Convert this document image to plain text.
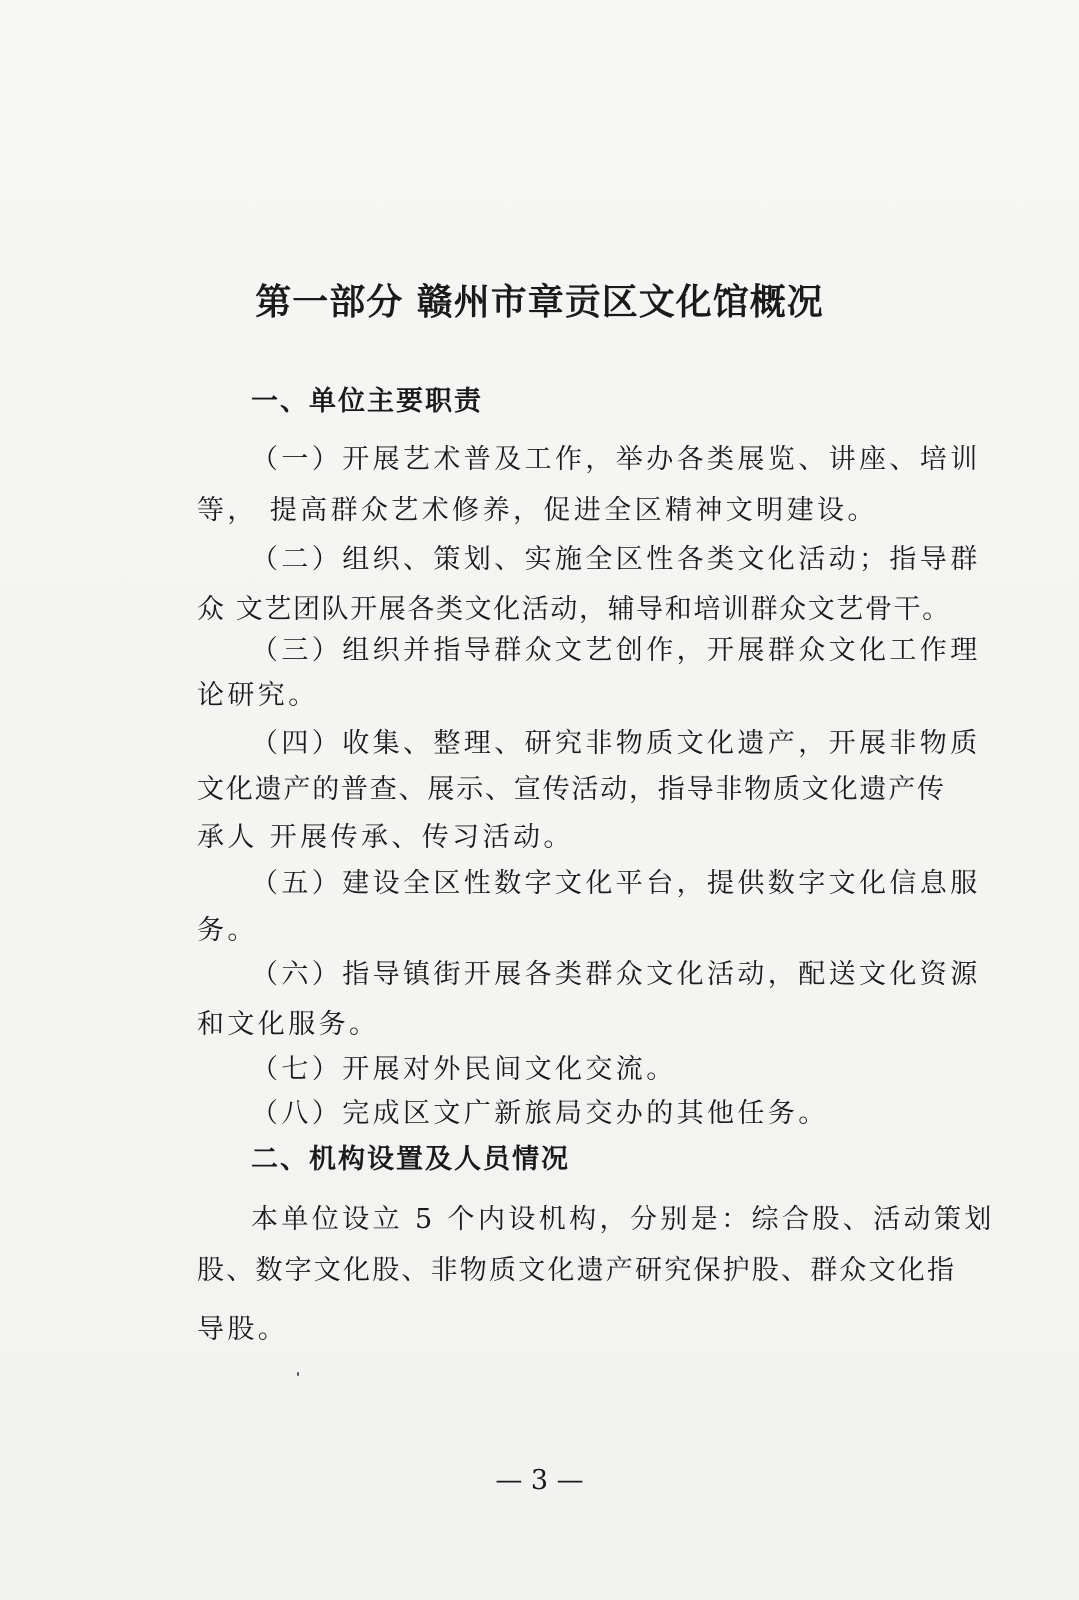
第一部分 赣州市章贡区文化馆概况
一、单位主要职责
（一）开展艺术普及工作，举办各类展览、讲座、培训
等， 提高群众艺术修养，促进全区精神文明建设。
（二）组织、策划、实施全区性各类文化活动；指导群
众 文艺团队开展各类文化活动，辅导和培训群众文艺骨干。
（三）组织并指导群众文艺创作，开展群众文化工作理
论研究。
（四）收集、整理、研究非物质文化遗产，开展非物质
文化遗产的普查、展示、宣传活动，指导非物质文化遗产传
承人 开展传承、传习活动。
（五）建设全区性数字文化平台，提供数字文化信息服
务。
（六）指导镇街开展各类群众文化活动，配送文化资源
和文化服务。
（七）开展对外民间文化交流。
（八）完成区文广新旅局交办的其他任务。
二、机构设置及人员情况
本单位设立 5 个内设机构，分别是：综合股、活动策划
股、数字文化股、非物质文化遗产研究保护股、群众文化指
导股。
— 3 —
